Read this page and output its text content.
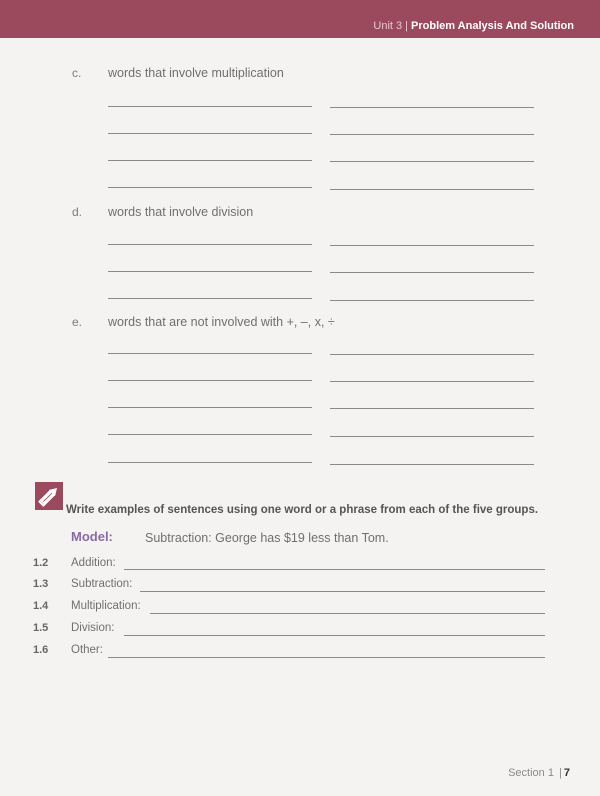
Unit 3 | Problem Analysis And Solution
c. words that involve multiplication
d. words that involve division
e. words that are not involved with +, –, x, ÷
Write examples of sentences using one word or a phrase from each of the five groups.
Model:	Subtraction: George has $19 less than Tom.
1.2 Addition:
1.3 Subtraction:
1.4 Multiplication:
1.5 Division:
1.6 Other:
Section 1 | 7
